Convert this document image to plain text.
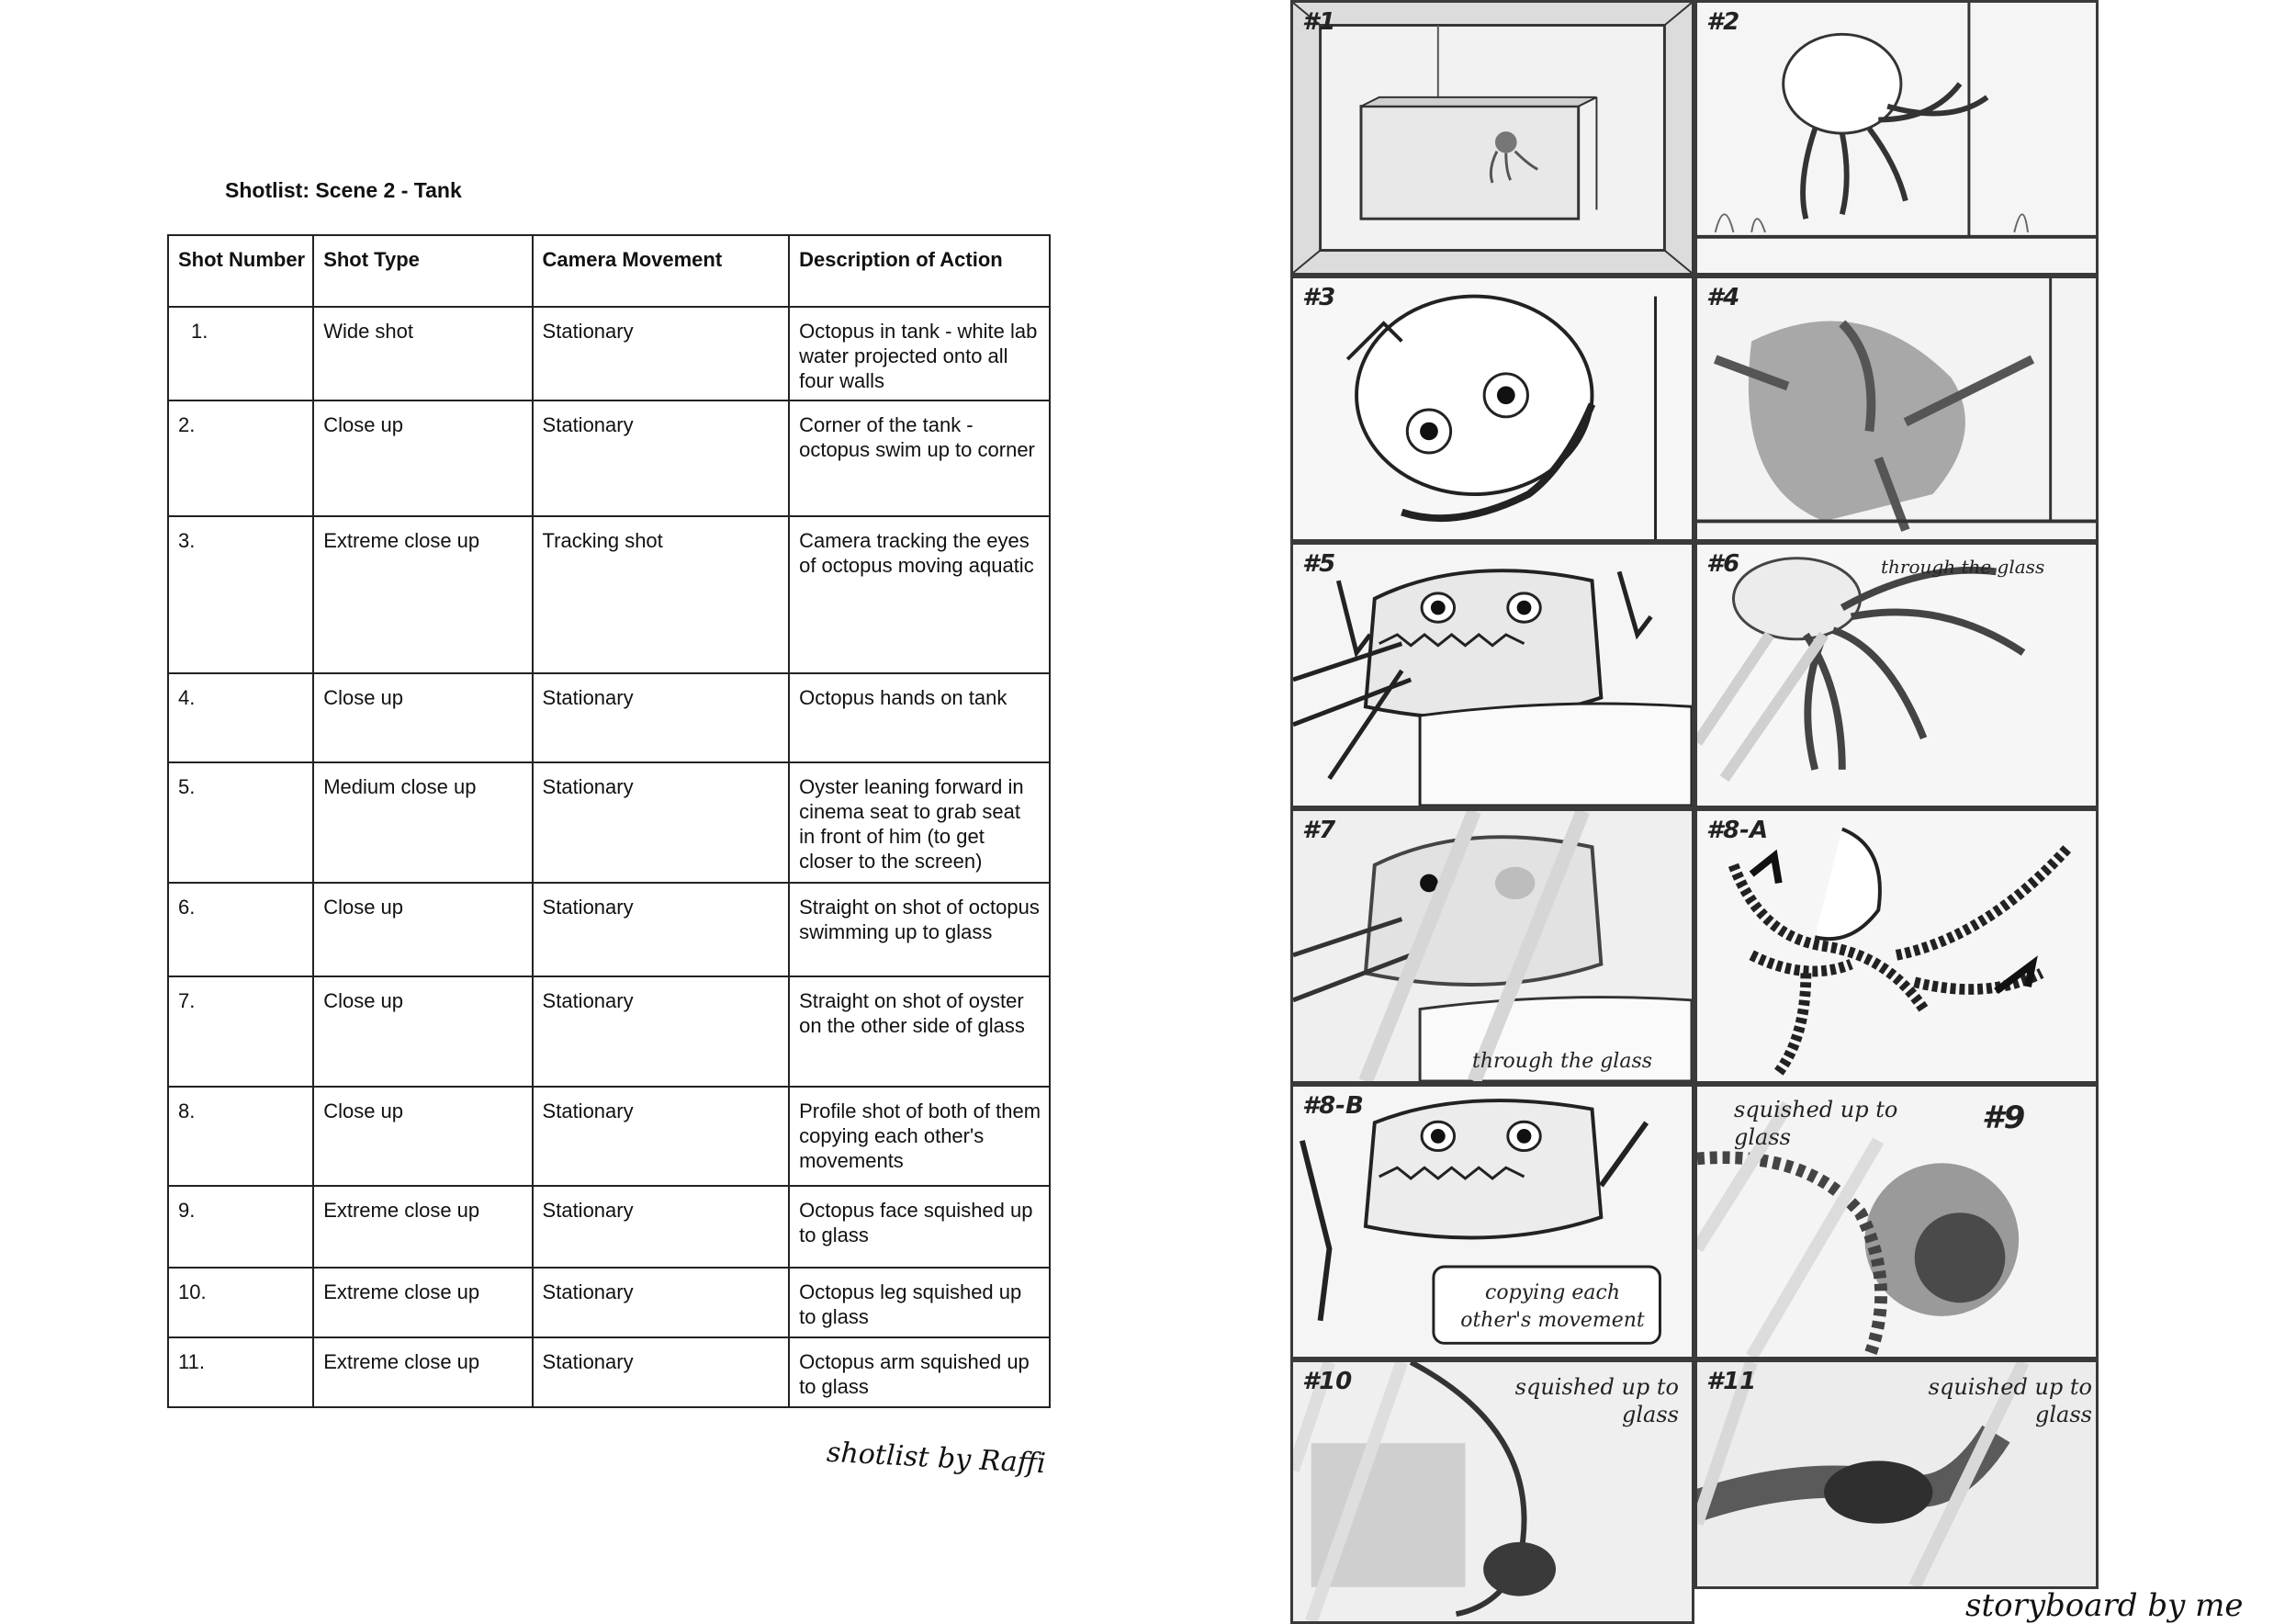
Shotlist: Scene 2 - Tank
Shot Number	Shot Type	Camera Movement	Description of Action
1.	Wide shot	Stationary	Octopus in tank - white lab water projected onto all four walls
2.	Close up	Stationary	Corner of the tank - octopus swim up to corner
3.	Extreme close up	Tracking shot	Camera tracking the eyes of octopus moving aquatic
4.	Close up	Stationary	Octopus hands on tank
5.	Medium close up	Stationary	Oyster leaning forward in cinema seat to grab seat in front of him (to get closer to the screen)
6.	Close up	Stationary	Straight on shot of octopus swimming up to glass
7.	Close up	Stationary	Straight on shot of oyster on the other side of glass
8.	Close up	Stationary	Profile shot of both of them copying each other's movements
9.	Extreme close up	Stationary	Octopus face squished up to glass
10.	Extreme close up	Stationary	Octopus leg squished up to glass
11.	Extreme close up	Stationary	Octopus arm squished up to glass
shotlist by Raffi
#1	#2
#3	#4
#5	#6	through the glass
#7
through the glass
#8-A
#8-B
copying each other's movement
#9
squished up to glass
#10	squished up to glass
#11	squished up to glass
storyboard by me
